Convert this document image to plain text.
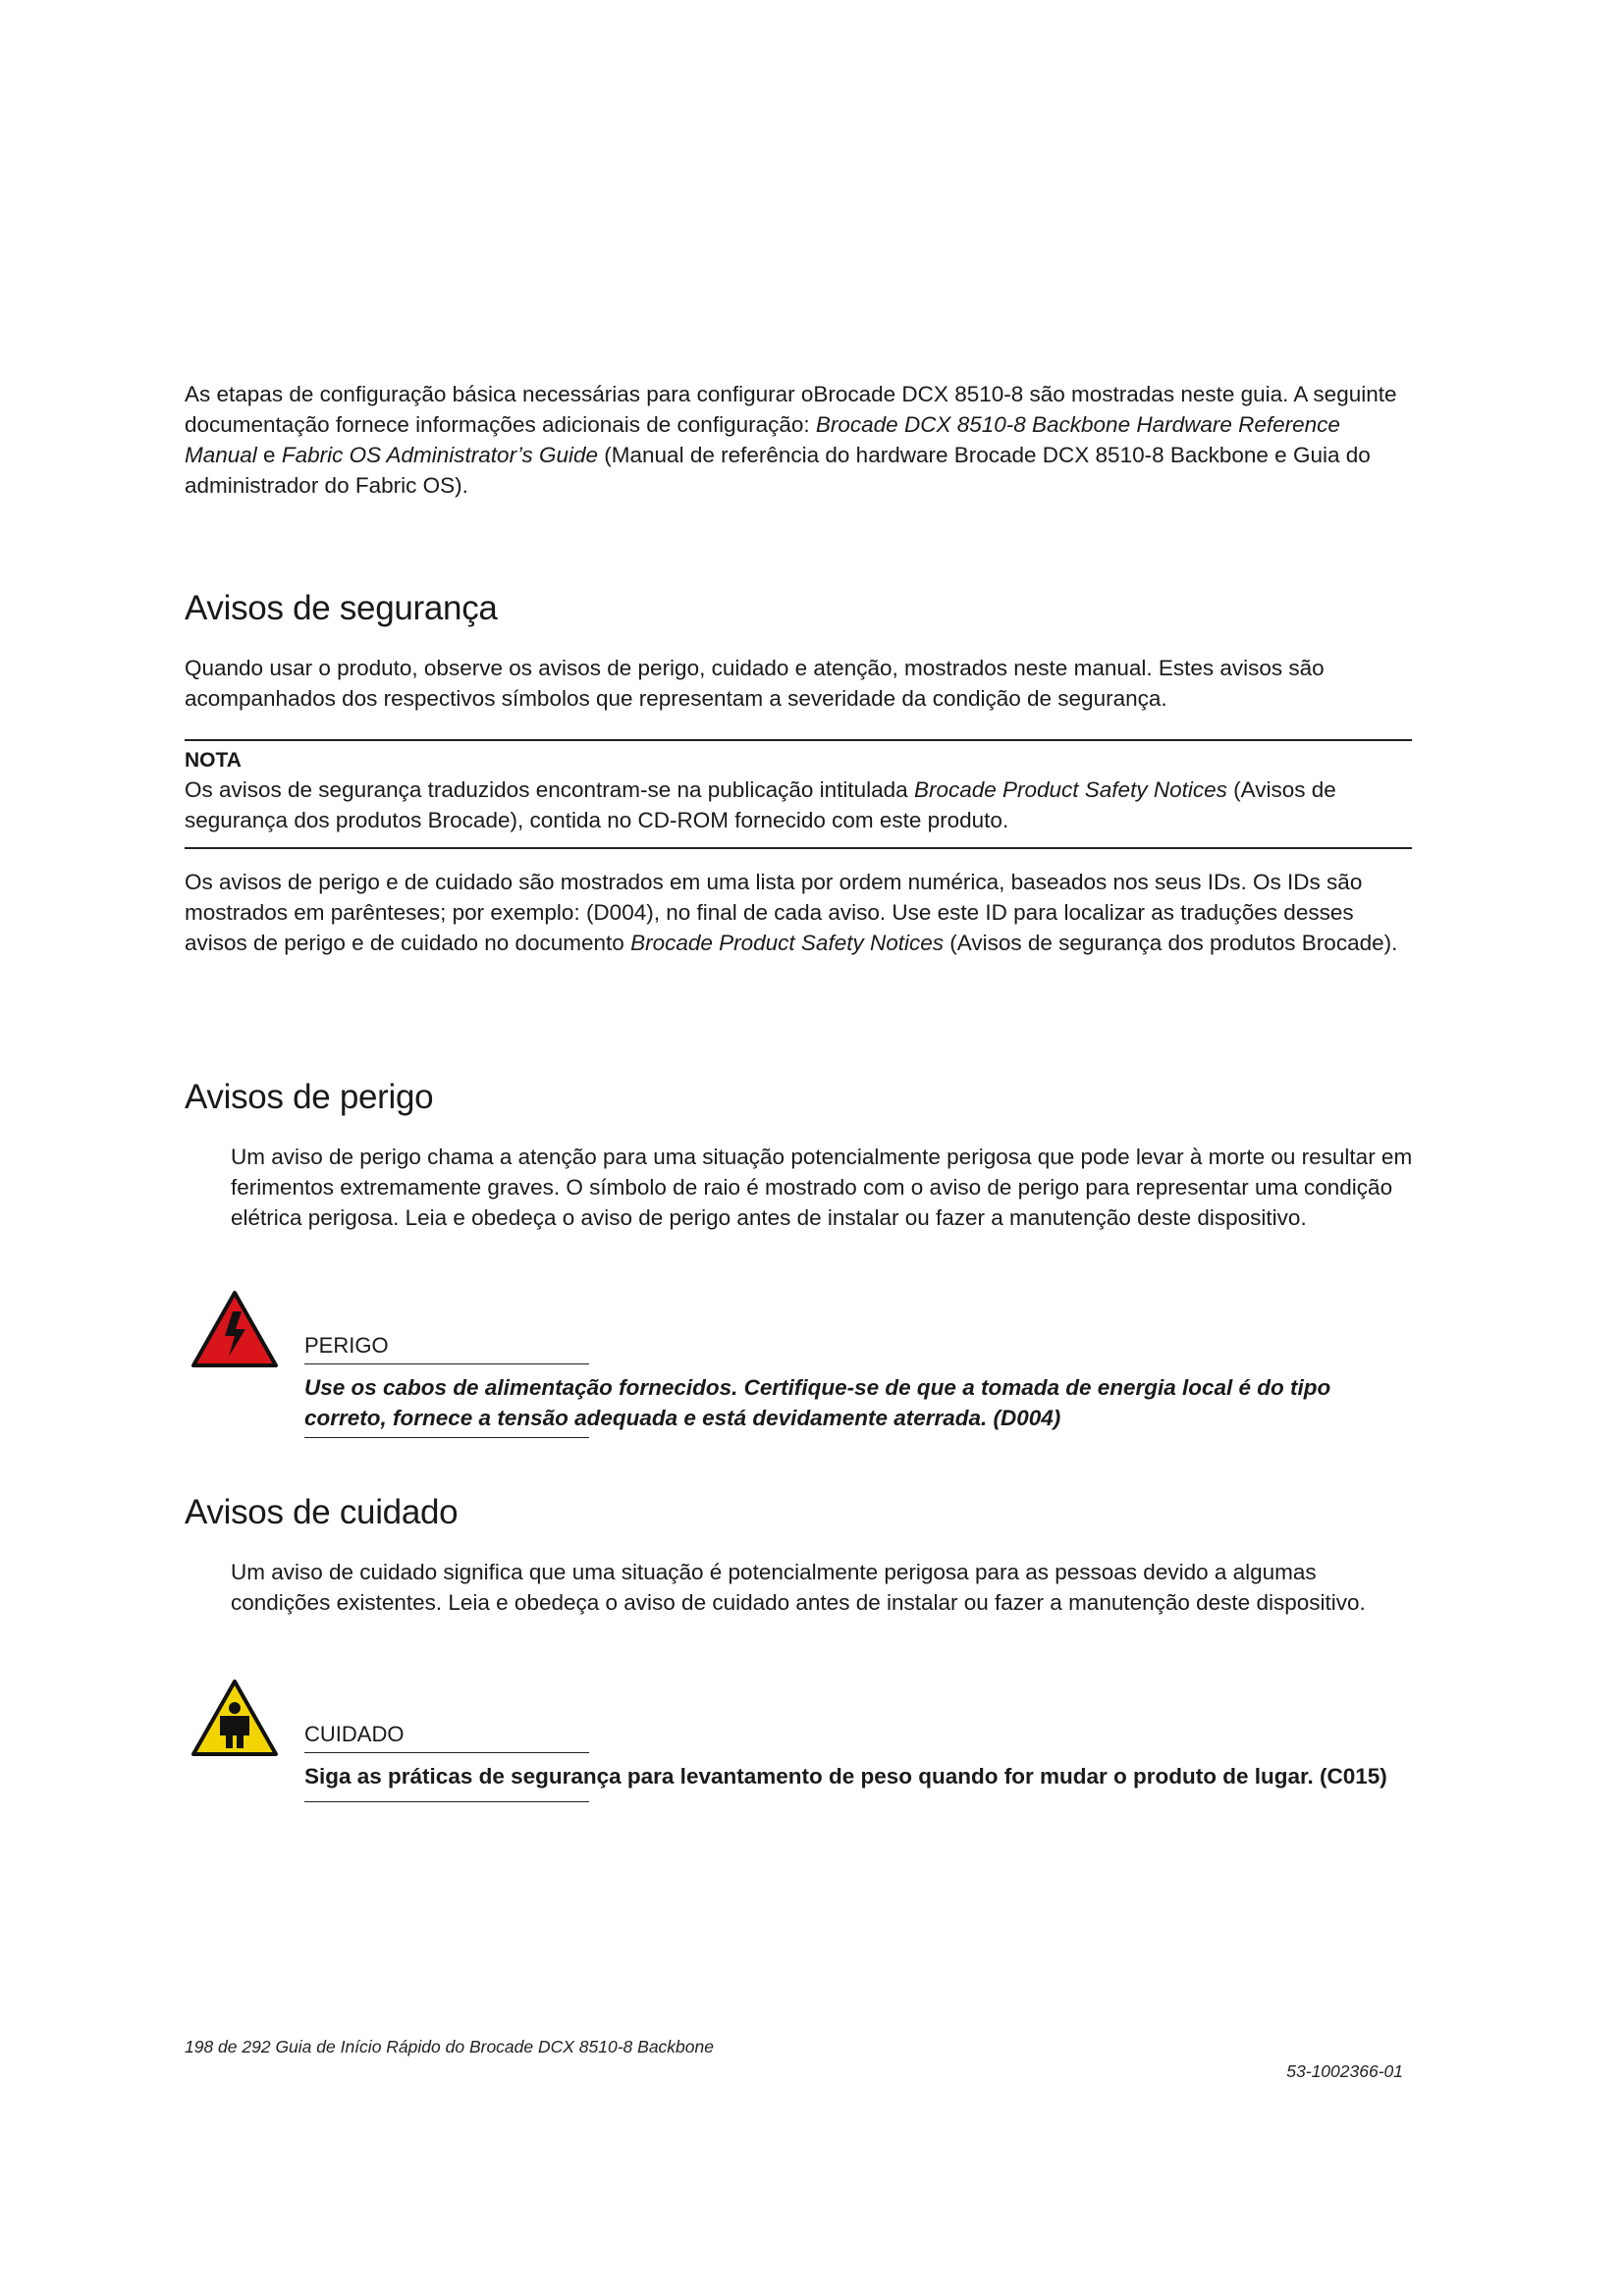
As etapas de configuração básica necessárias para configurar oBrocade DCX 8510-8 são mostradas neste guia. A seguinte documentação fornece informações adicionais de configuração: Brocade DCX 8510-8 Backbone Hardware Reference Manual e Fabric OS Administrator’s Guide (Manual de referência do hardware Brocade DCX 8510-8 Backbone e Guia do administrador do Fabric OS).

Avisos de segurança

Quando usar o produto, observe os avisos de perigo, cuidado e atenção, mostrados neste manual. Estes avisos são acompanhados dos respectivos símbolos que representam a severidade da condição de segurança.

NOTA

Os avisos de segurança traduzidos encontram-se na publicação intitulada Brocade Product Safety Notices (Avisos de segurança dos produtos Brocade), contida no CD-ROM fornecido com este produto.

Os avisos de perigo e de cuidado são mostrados em uma lista por ordem numérica, baseados nos seus IDs. Os IDs são mostrados em parênteses; por exemplo: (D004), no final de cada aviso. Use este ID para localizar as traduções desses avisos de perigo e de cuidado no documento Brocade Product Safety Notices (Avisos de segurança dos produtos Brocade).

Avisos de perigo

Um aviso de perigo chama a atenção para uma situação potencialmente perigosa que pode levar à morte ou resultar em ferimentos extremamente graves. O símbolo de raio é mostrado com o aviso de perigo para representar uma condição elétrica perigosa. Leia e obedeça o aviso de perigo antes de instalar ou fazer a manutenção deste dispositivo.

PERIGO
Use os cabos de alimentação fornecidos. Certifique-se de que a tomada de energia local é do tipo correto, fornece a tensão adequada e está devidamente aterrada. (D004)
Avisos de cuidado

Um aviso de cuidado significa que uma situação é potencialmente perigosa para as pessoas devido a algumas condições existentes. Leia e obedeça o aviso de cuidado antes de instalar ou fazer a manutenção deste dispositivo.

CUIDADO
Siga as práticas de segurança para levantamento de peso quando for mudar o produto de lugar. (C015)
198 de 292 Guia de Início Rápido do Brocade DCX 8510-8 Backbone
53-1002366-01
